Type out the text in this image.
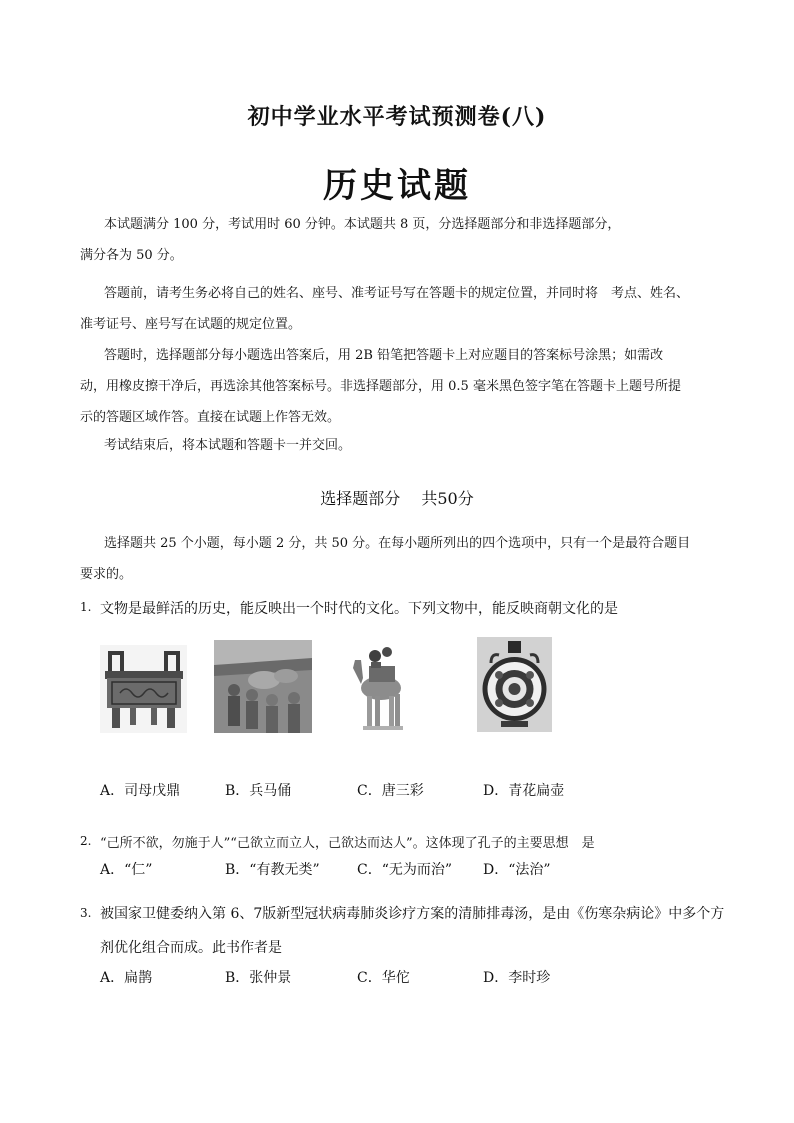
初中学业水平考试预测卷(八)
历史试题
本试题满分 100 分，考试用时 60 分钟。本试题共 8 页，分选择题部分和非选择题部分，
满分各为 50 分。
答题前，请考生务必将自己的姓名、座号、准考证号写在答题卡的规定位置，并同时将　考点、姓名、
准考证号、座号写在试题的规定位置。
答题时，选择题部分每小题选出答案后，用 2B 铅笔把答题卡上对应题目的答案标号涂黑；如需改
动，用橡皮擦干净后，再选涂其他答案标号。非选择题部分，用 0.5 毫米黑色签字笔在答题卡上题号所提
示的答题区域作答。直接在试题上作答无效。
考试结束后，将本试题和答题卡一并交回。
选择题部分　 共50分
选择题共 25 个小题，每小题 2 分，共 50 分。在每小题所列出的四个选项中，只有一个是最符合题目
要求的。
1. 文物是最鲜活的历史，能反映出一个时代的文化。下列文物中，能反映商朝文化的是
A．司母戊鼎	B．兵马俑	C．唐三彩	D．青花扁壶
2. “己所不欲，勿施于人”“己欲立而立人，己欲达而达人”。这体现了孔子的主要思想　是
A．“仁”	B．“有教无类”	C．“无为而治” D．“法治”
3. 被国家卫健委纳入第 6、7版新型冠状病毒肺炎诊疗方案的清肺排毒汤，是由《伤寒杂病论》中多个方
剂优化组合而成。此书作者是
A．扁鹊	B．张仲景	C．华佗	D．李时珍
